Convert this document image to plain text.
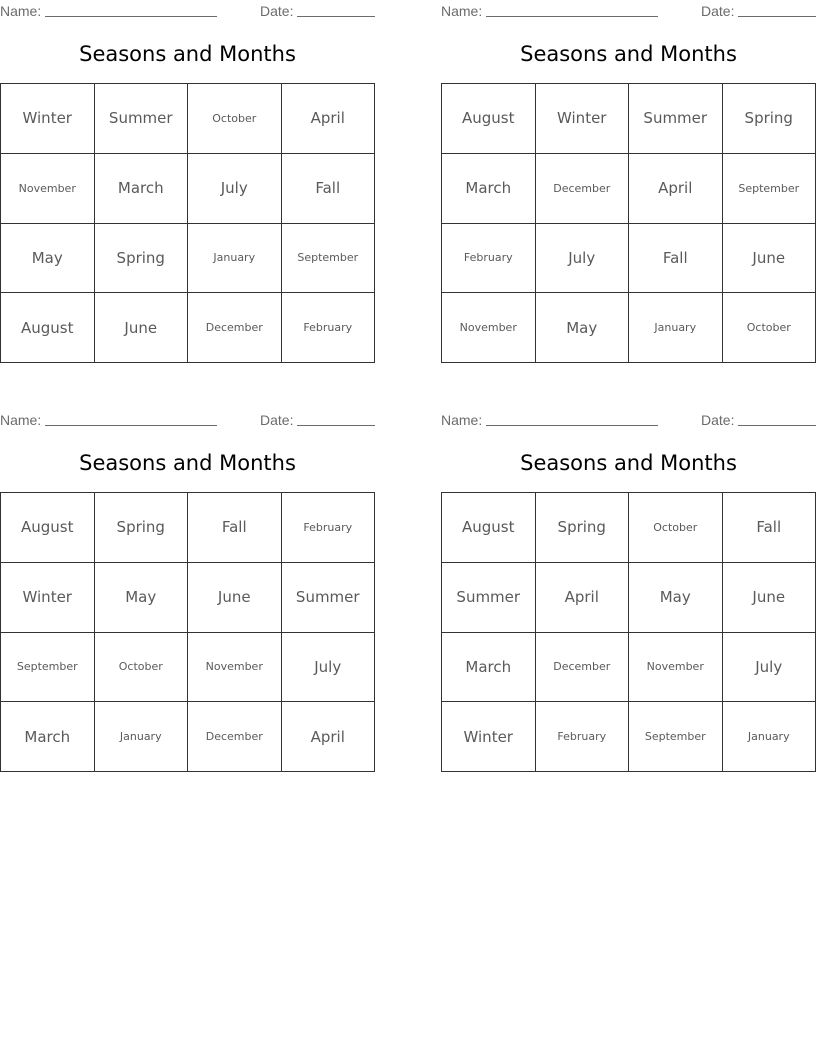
Name:	Date:
Seasons and Months
Winter	Summer	October	April
November	March	July	Fall
May	Spring	January	September
August	June	December	February
Name:	Date:
Seasons and Months
August	Winter	Summer	Spring
March	December	April	September
February	July	Fall	June
November	May	January	October
Name:	Date:
Seasons and Months
August	Spring	Fall	February
Winter	May	June	Summer
September	October	November	July
March	January	December	April
Name:	Date:
Seasons and Months
August	Spring	October	Fall
Summer	April	May	June
March	December	November	July
Winter	February	September	January
